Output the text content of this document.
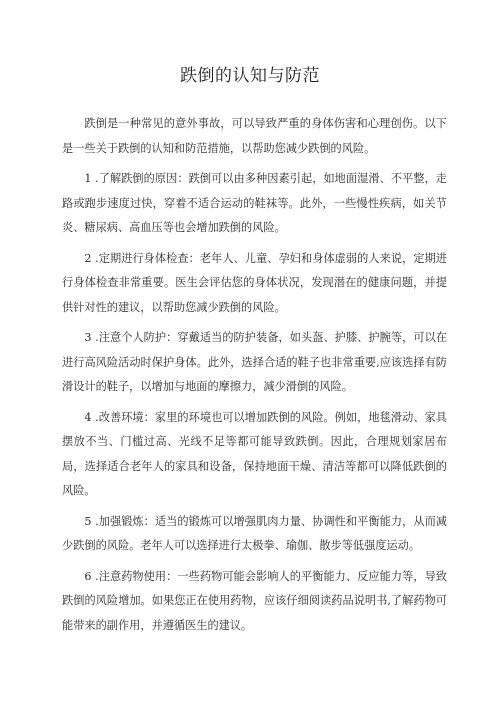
跌倒的认知与防范

跌倒是一种常见的意外事故，可以导致严重的身体伤害和心理创伤。以下是一些关于跌倒的认知和防范措施，以帮助您减少跌倒的风险。

1 .了解跌倒的原因：跌倒可以由多种因素引起，如地面湿滑、不平整，走路或跑步速度过快，穿着不适合运动的鞋袜等。此外，一些慢性疾病，如关节炎、糖尿病、高血压等也会增加跌倒的风险。

2 .定期进行身体检查：老年人、儿童、孕妇和身体虚弱的人来说，定期进行身体检查非常重要。医生会评估您的身体状况，发现潜在的健康问题，并提供针对性的建议，以帮助您减少跌倒的风险。

3 .注意个人防护：穿戴适当的防护装备，如头盔、护膝、护腕等，可以在进行高风险活动时保护身体。此外，选择合适的鞋子也非常重要,应该选择有防滑设计的鞋子，以增加与地面的摩擦力，减少滑倒的风险。

4 .改善环境：家里的环境也可以增加跌倒的风险。例如，地毯滑动、家具摆放不当、门槛过高、光线不足等都可能导致跌倒。因此，合理规划家居布局，选择适合老年人的家具和设备，保持地面干燥、清洁等都可以降低跌倒的风险。

5 .加强锻炼：适当的锻炼可以增强肌肉力量、协调性和平衡能力，从而减少跌倒的风险。老年人可以选择进行太极拳、瑜伽、散步等低强度运动。

6 .注意药物使用：一些药物可能会影响人的平衡能力、反应能力等，导致跌倒的风险增加。如果您正在使用药物，应该仔细阅读药品说明书,了解药物可能带来的副作用，并遵循医生的建议。
